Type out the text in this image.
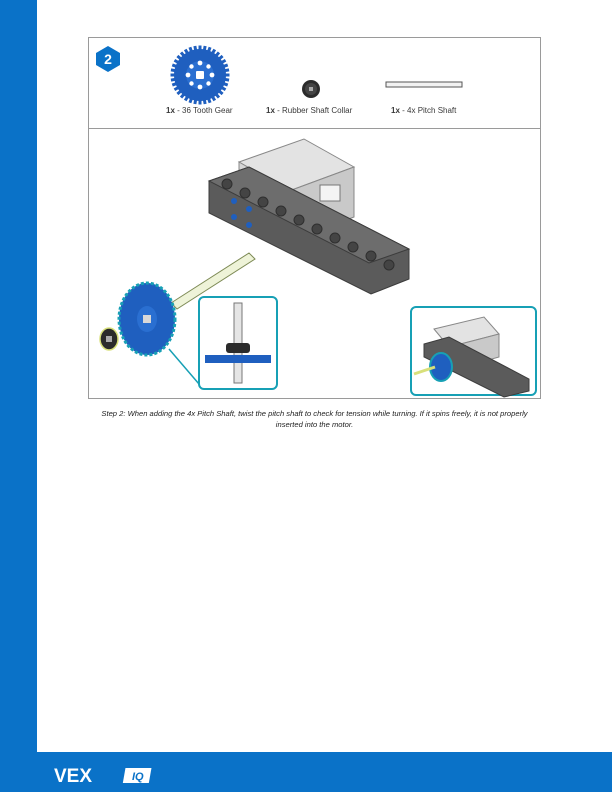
2
1x - 36 Tooth Gear	1x - Rubber Shaft Collar	1x - 4x Pitch Shaft
Step 2: When adding the 4x Pitch Shaft, twist the pitch shaft to check for tension while turning. If it spins freely, it is not properly inserted into the motor.
VEX	IQ
